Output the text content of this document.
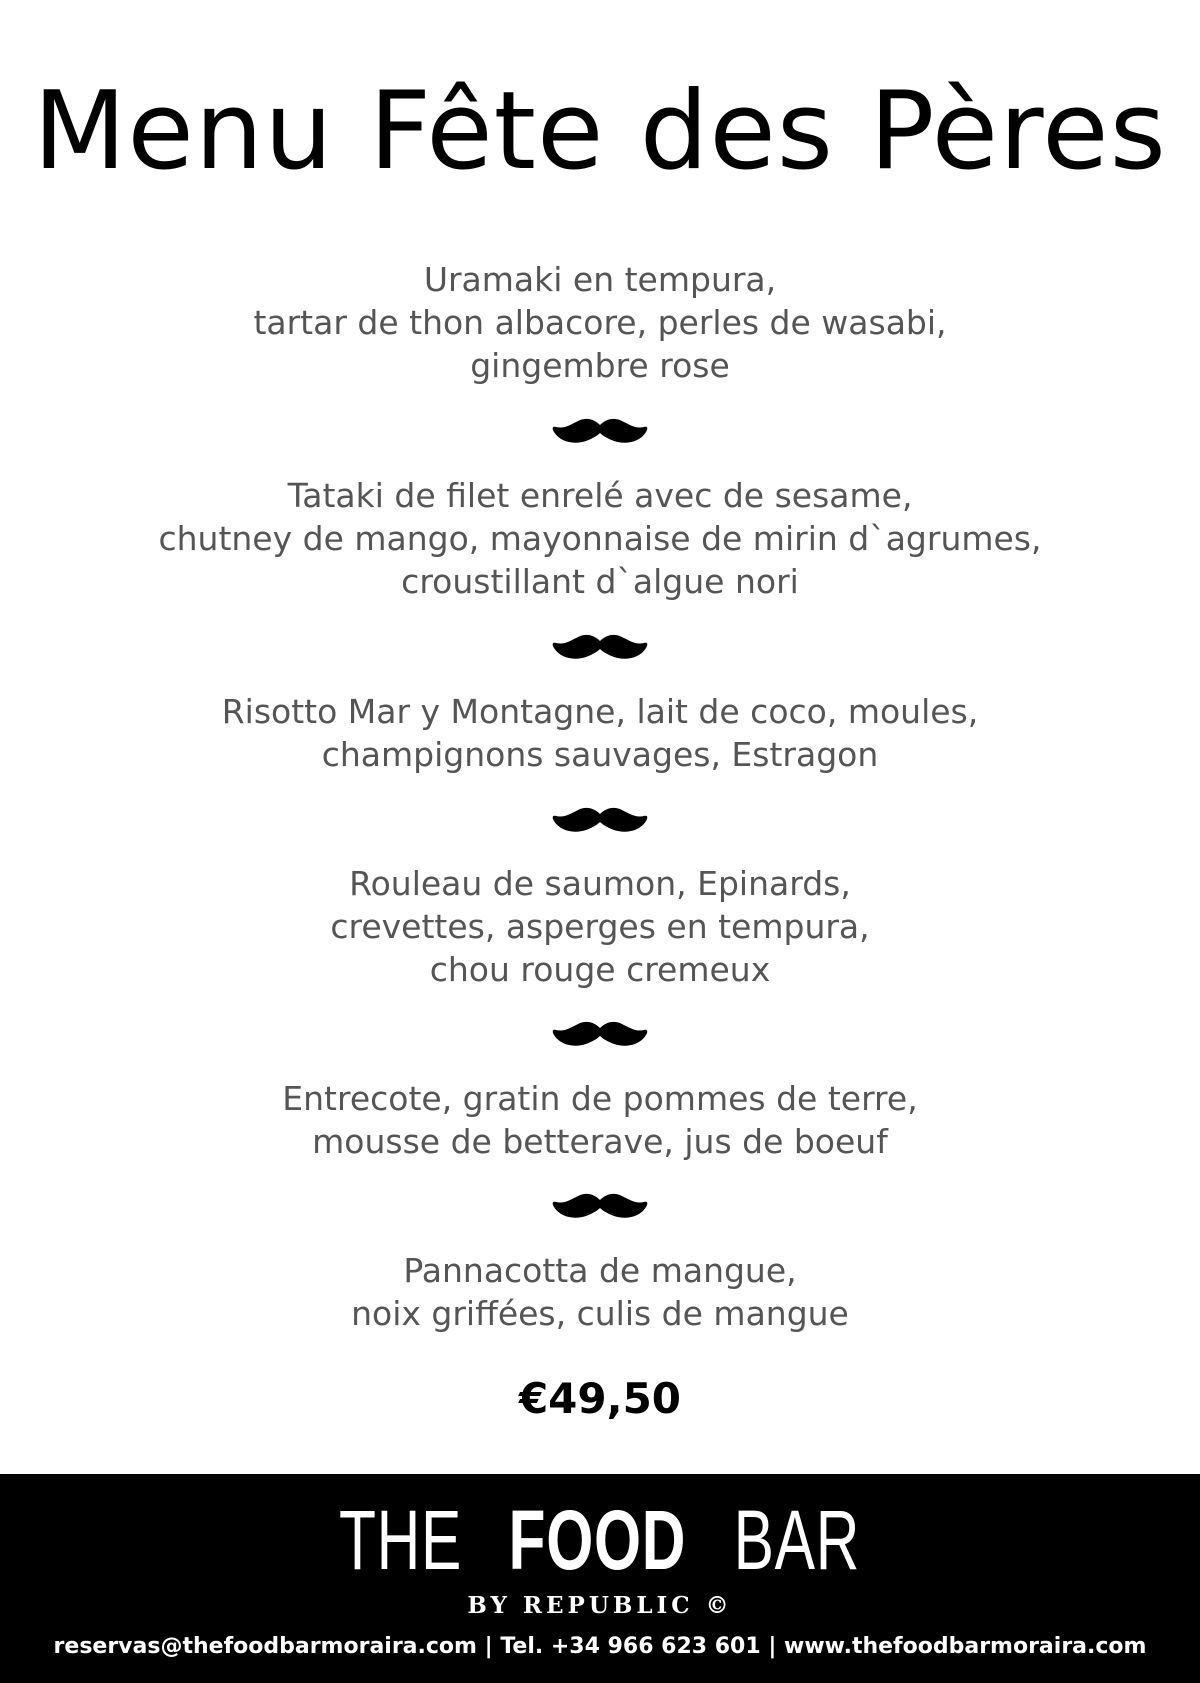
Menu Fête des Pères
Uramaki en tempura,
tartar de thon albacore, perles de wasabi,
gingembre rose
Tataki de filet enrelé avec de sesame,
chutney de mango, mayonnaise de mirin d`agrumes,
croustillant d`algue nori
Risotto Mar y Montagne, lait de coco, moules,
champignons sauvages, Estragon
Rouleau de saumon, Epinards,
crevettes, asperges en tempura,
chou rouge cremeux
Entrecote, gratin de pommes de terre,
mousse de betterave, jus de boeuf
Pannacotta de mangue,
noix griffées, culis de mangue
€49,50
THE FOOD BAR
BY REPUBLIC ©
reservas@thefoodbarmoraira.com | Tel. +34 966 623 601 | www.thefoodbarmoraira.com
